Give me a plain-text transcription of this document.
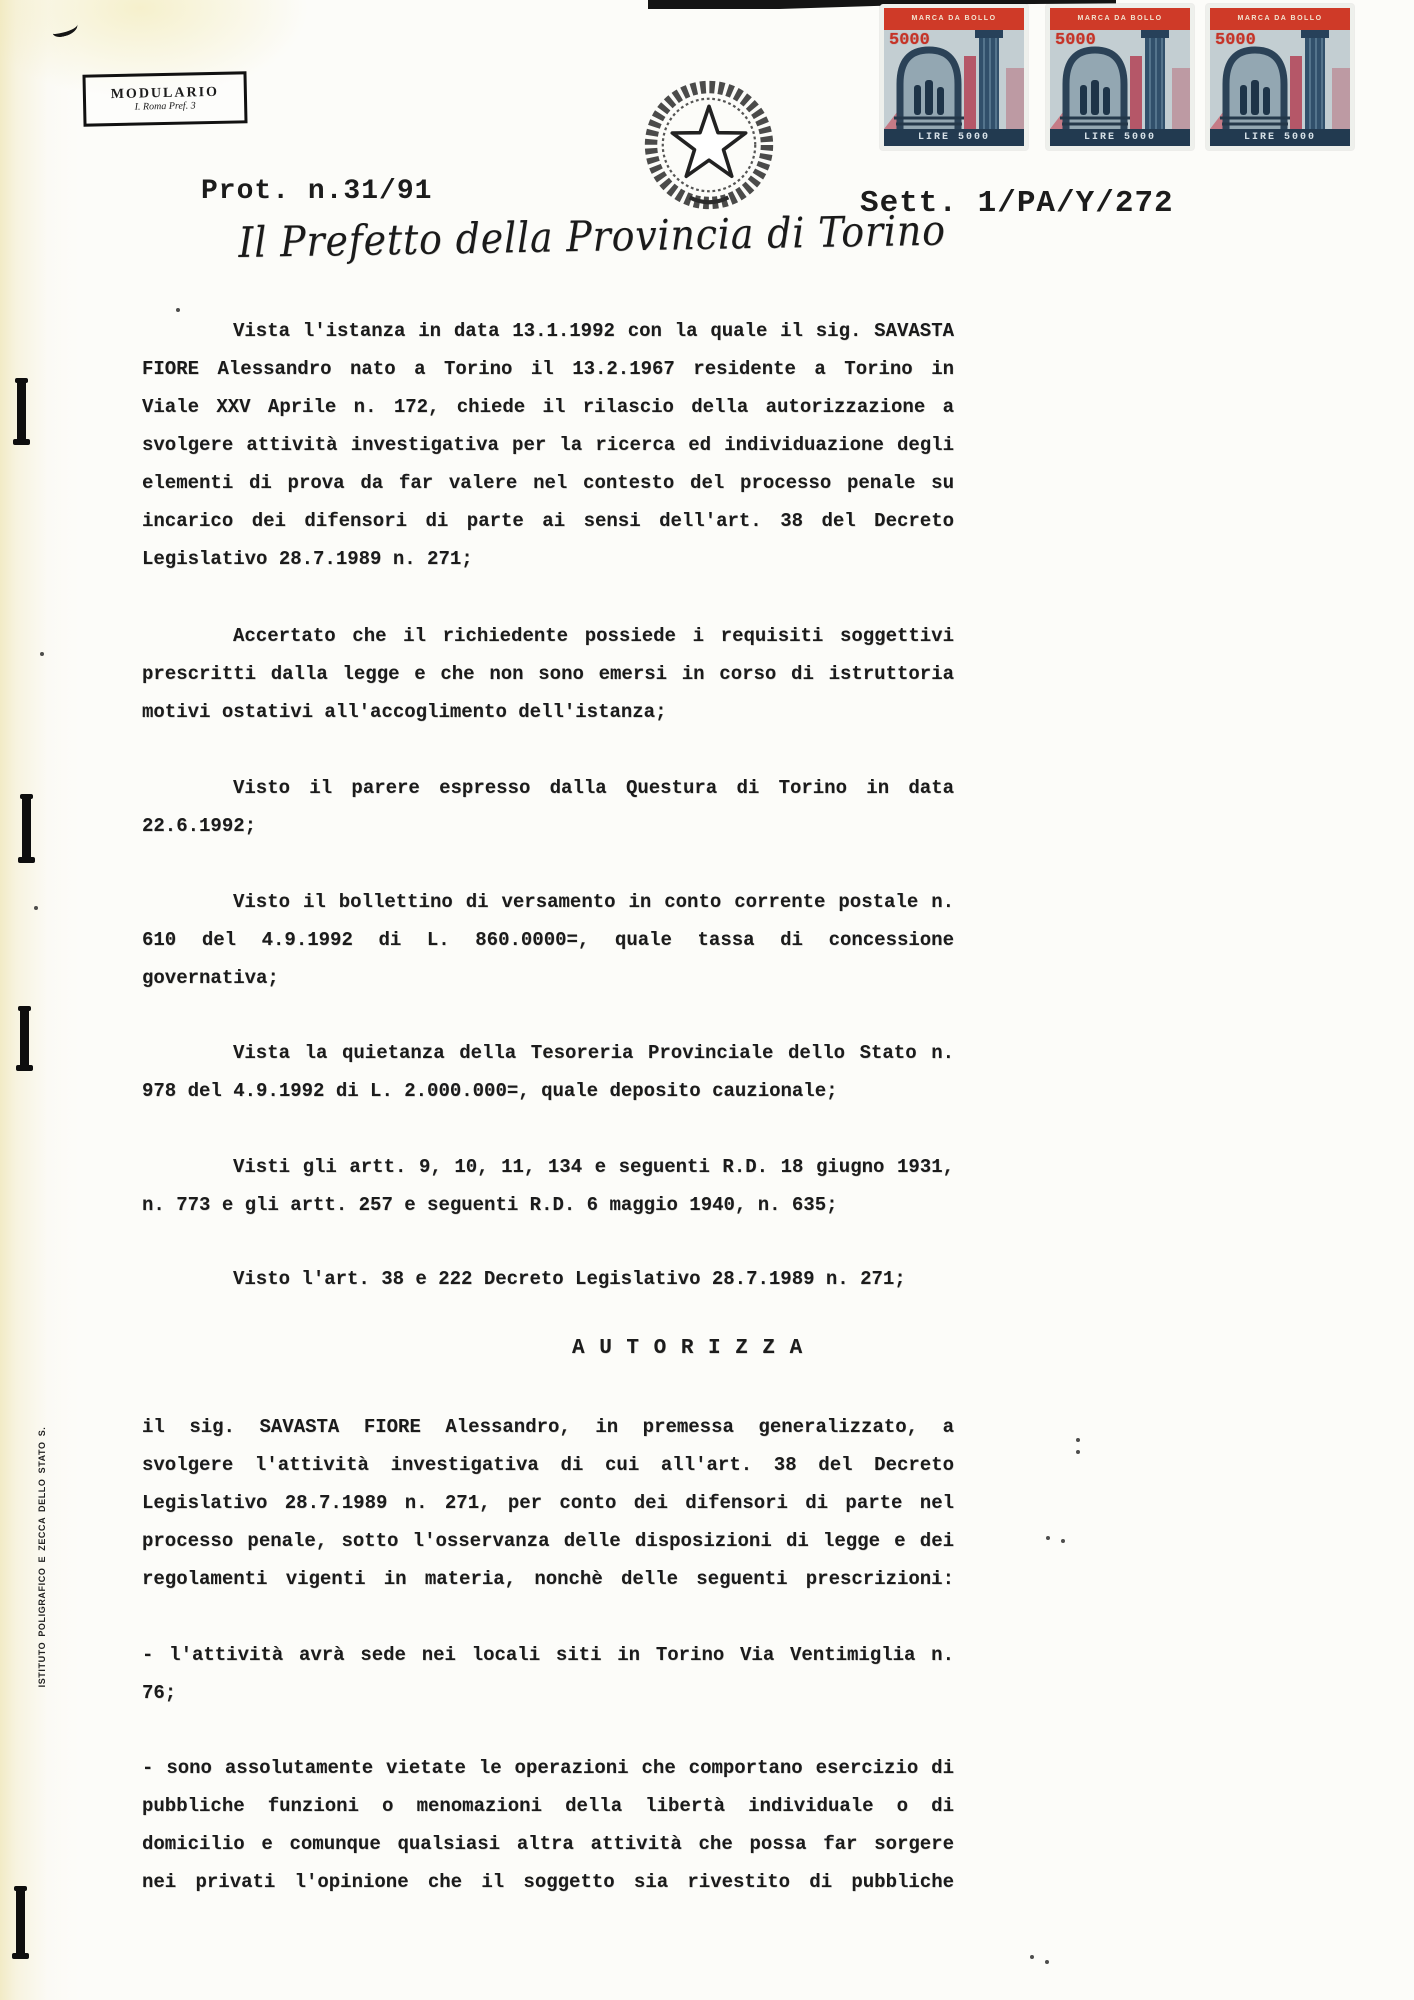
MODULARIO
I. Roma Pref. 3
Prot. n.31/91
MARCA DA BOLLO
5000
LIRE 5000
MARCA DA BOLLO
5000
LIRE 5000
MARCA DA BOLLO
5000
LIRE 5000
Sett. 1/PA/Y/272
Il Prefetto della Provincia di Torino
Vista l'istanza in data 13.1.1992 con la quale il sig. SAVASTA
FIORE Alessandro nato a Torino il 13.2.1967 residente a Torino in
Viale XXV Aprile n. 172, chiede il rilascio della autorizzazione a
svolgere attività investigativa per la ricerca ed individuazione degli
elementi di prova da far valere nel contesto del processo penale su
incarico dei difensori di parte ai sensi dell'art. 38 del Decreto
Legislativo 28.7.1989 n. 271;
Accertato che il richiedente possiede i requisiti soggettivi
prescritti dalla legge e che non sono emersi in corso di istruttoria
motivi ostativi all'accoglimento dell'istanza;
Visto il parere espresso dalla Questura di Torino in data
22.6.1992;
Visto il bollettino di versamento in conto corrente postale n.
610 del 4.9.1992 di L. 860.0000=, quale tassa di concessione
governativa;
Vista la quietanza della Tesoreria Provinciale dello Stato n.
978 del 4.9.1992 di L. 2.000.000=, quale deposito cauzionale;
Visti gli artt. 9, 10, 11, 134 e seguenti R.D. 18 giugno 1931,
n. 773 e gli artt. 257 e seguenti R.D. 6 maggio 1940, n. 635;
Visto l'art. 38 e 222 Decreto Legislativo 28.7.1989 n. 271;
A U T O R I Z Z A
il sig. SAVASTA FIORE Alessandro, in premessa generalizzato, a
svolgere l'attività investigativa di cui all'art. 38 del Decreto
Legislativo 28.7.1989 n. 271, per conto dei difensori di parte nel
processo penale, sotto l'osservanza delle disposizioni di legge e dei
regolamenti vigenti in materia, nonchè delle seguenti prescrizioni:
- l'attività avrà sede nei locali siti in Torino Via Ventimiglia n.
76;
- sono assolutamente vietate le operazioni che comportano esercizio di
pubbliche funzioni o menomazioni della libertà individuale o di
domicilio e comunque qualsiasi altra attività che possa far sorgere
nei privati l'opinione che il soggetto sia rivestito di pubbliche
ISTITUTO POLIGRAFICO E ZECCA DELLO STATO S.
